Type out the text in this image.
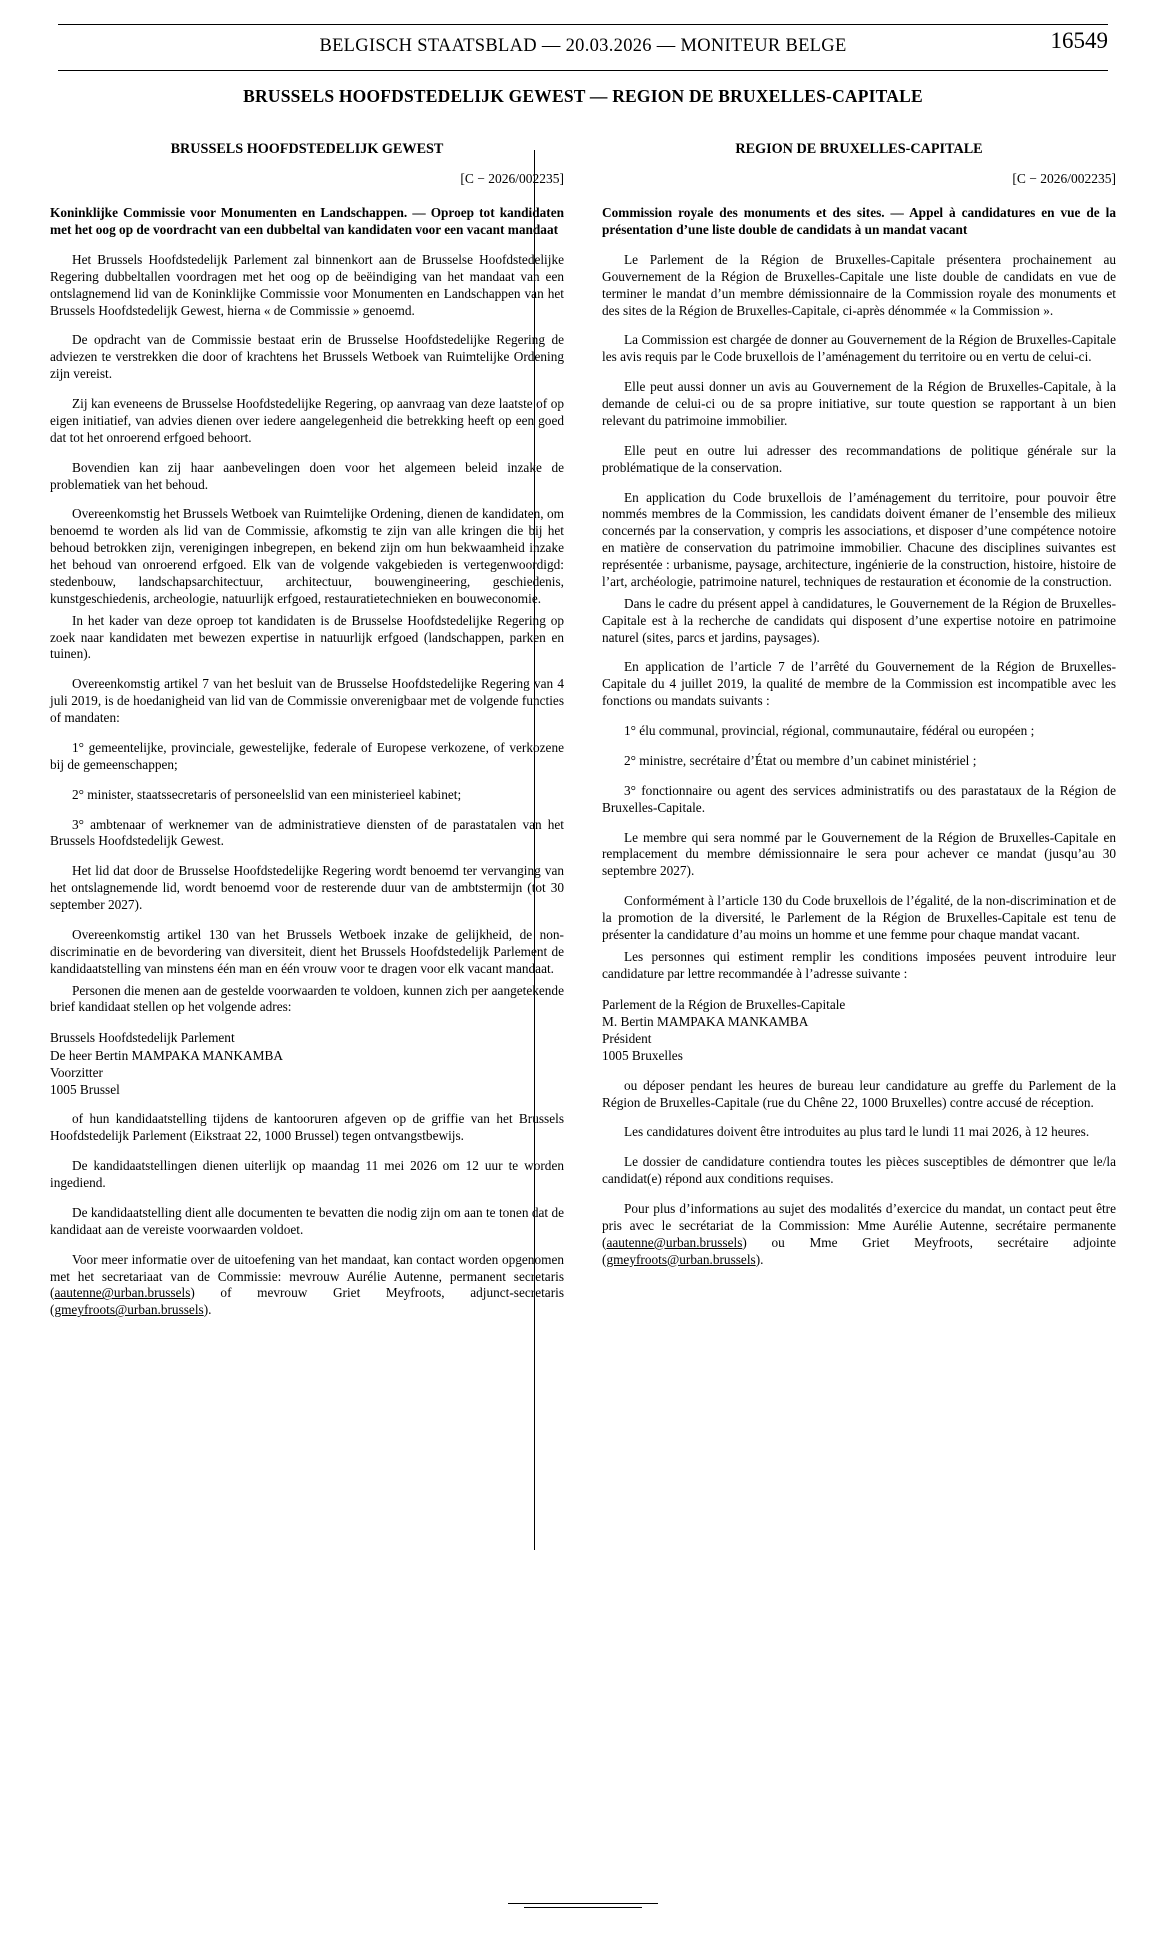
BELGISCH STAATSBLAD — 20.03.2026 — MONITEUR BELGE	16549
BRUSSELS HOOFDSTEDELIJK GEWEST — REGION DE BRUXELLES-CAPITALE
BRUSSELS HOOFDSTEDELIJK GEWEST
[C − 2026/002235]
Koninklijke Commissie voor Monumenten en Landschappen. — Oproep tot kandidaten met het oog op de voordracht van een dubbeltal van kandidaten voor een vacant mandaat

Het Brussels Hoofdstedelijk Parlement zal binnenkort aan de Brusselse Hoofdstedelijke Regering dubbeltallen voordragen met het oog op de beëindiging van het mandaat van een ontslagnemend lid van de Koninklijke Commissie voor Monumenten en Landschappen van het Brussels Hoofdstedelijk Gewest, hierna « de Commissie » genoemd.

De opdracht van de Commissie bestaat erin de Brusselse Hoofdstedelijke Regering de adviezen te verstrekken die door of krachtens het Brussels Wetboek van Ruimtelijke Ordening zijn vereist.

Zij kan eveneens de Brusselse Hoofdstedelijke Regering, op aanvraag van deze laatste of op eigen initiatief, van advies dienen over iedere aangelegenheid die betrekking heeft op een goed dat tot het onroerend erfgoed behoort.

Bovendien kan zij haar aanbevelingen doen voor het algemeen beleid inzake de problematiek van het behoud.

Overeenkomstig het Brussels Wetboek van Ruimtelijke Ordening, dienen de kandidaten, om benoemd te worden als lid van de Commissie, afkomstig te zijn van alle kringen die bij het behoud betrokken zijn, verenigingen inbegrepen, en bekend zijn om hun bekwaamheid inzake het behoud van onroerend erfgoed. Elk van de volgende vakgebieden is vertegenwoordigd: stedenbouw, landschapsarchitectuur, architectuur, bouwengineering, geschiedenis, kunstgeschiedenis, archeologie, natuurlijk erfgoed, restauratietechnieken en bouweconomie.

In het kader van deze oproep tot kandidaten is de Brusselse Hoofdstedelijke Regering op zoek naar kandidaten met bewezen expertise in natuurlijk erfgoed (landschappen, parken en tuinen).

Overeenkomstig artikel 7 van het besluit van de Brusselse Hoofdstedelijke Regering van 4 juli 2019, is de hoedanigheid van lid van de Commissie onverenigbaar met de volgende functies of mandaten:

1° gemeentelijke, provinciale, gewestelijke, federale of Europese verkozene, of verkozene bij de gemeenschappen;

2° minister, staatssecretaris of personeelslid van een ministerieel kabinet;

3° ambtenaar of werknemer van de administratieve diensten of de parastatalen van het Brussels Hoofdstedelijk Gewest.

Het lid dat door de Brusselse Hoofdstedelijke Regering wordt benoemd ter vervanging van het ontslagnemende lid, wordt benoemd voor de resterende duur van de ambtstermijn (tot 30 september 2027).

Overeenkomstig artikel 130 van het Brussels Wetboek inzake de gelijkheid, de non-discriminatie en de bevordering van diversiteit, dient het Brussels Hoofdstedelijk Parlement de kandidaatstelling van minstens één man en één vrouw voor te dragen voor elk vacant mandaat.

Personen die menen aan de gestelde voorwaarden te voldoen, kunnen zich per aangetekende brief kandidaat stellen op het volgende adres:

Brussels Hoofdstedelijk Parlement

De heer Bertin MAMPAKA MANKAMBA

Voorzitter

1005 Brussel

of hun kandidaatstelling tijdens de kantooruren afgeven op de griffie van het Brussels Hoofdstedelijk Parlement (Eikstraat 22, 1000 Brussel) tegen ontvangstbewijs.

De kandidaatstellingen dienen uiterlijk op maandag 11 mei 2026 om 12 uur te worden ingediend.

De kandidaatstelling dient alle documenten te bevatten die nodig zijn om aan te tonen dat de kandidaat aan de vereiste voorwaarden voldoet.

Voor meer informatie over de uitoefening van het mandaat, kan contact worden opgenomen met het secretariaat van de Commissie: mevrouw Aurélie Autenne, permanent secretaris (aautenne@urban.brussels) of mevrouw Griet Meyfroots, adjunct-secretaris (gmeyfroots@urban.brussels).

REGION DE BRUXELLES-CAPITALE
[C − 2026/002235]
Commission royale des monuments et des sites. — Appel à candidatures en vue de la présentation d’une liste double de candidats à un mandat vacant

Le Parlement de la Région de Bruxelles-Capitale présentera prochainement au Gouvernement de la Région de Bruxelles-Capitale une liste double de candidats en vue de terminer le mandat d’un membre démissionnaire de la Commission royale des monuments et des sites de la Région de Bruxelles-Capitale, ci-après dénommée « la Commission ».

La Commission est chargée de donner au Gouvernement de la Région de Bruxelles-Capitale les avis requis par le Code bruxellois de l’aménagement du territoire ou en vertu de celui-ci.

Elle peut aussi donner un avis au Gouvernement de la Région de Bruxelles-Capitale, à la demande de celui-ci ou de sa propre initiative, sur toute question se rapportant à un bien relevant du patrimoine immobilier.

Elle peut en outre lui adresser des recommandations de politique générale sur la problématique de la conservation.

En application du Code bruxellois de l’aménagement du territoire, pour pouvoir être nommés membres de la Commission, les candidats doivent émaner de l’ensemble des milieux concernés par la conservation, y compris les associations, et disposer d’une compétence notoire en matière de conservation du patrimoine immobilier. Chacune des disciplines suivantes est représentée : urbanisme, paysage, architecture, ingénierie de la construction, histoire, histoire de l’art, archéologie, patrimoine naturel, techniques de restauration et économie de la construction.

Dans le cadre du présent appel à candidatures, le Gouvernement de la Région de Bruxelles-Capitale est à la recherche de candidats qui disposent d’une expertise notoire en patrimoine naturel (sites, parcs et jardins, paysages).

En application de l’article 7 de l’arrêté du Gouvernement de la Région de Bruxelles-Capitale du 4 juillet 2019, la qualité de membre de la Commission est incompatible avec les fonctions ou mandats suivants :

1° élu communal, provincial, régional, communautaire, fédéral ou européen ;

2° ministre, secrétaire d’État ou membre d’un cabinet ministériel ;

3° fonctionnaire ou agent des services administratifs ou des parastataux de la Région de Bruxelles-Capitale.

Le membre qui sera nommé par le Gouvernement de la Région de Bruxelles-Capitale en remplacement du membre démissionnaire le sera pour achever ce mandat (jusqu’au 30 septembre 2027).

Conformément à l’article 130 du Code bruxellois de l’égalité, de la non-discrimination et de la promotion de la diversité, le Parlement de la Région de Bruxelles-Capitale est tenu de présenter la candidature d’au moins un homme et une femme pour chaque mandat vacant.

Les personnes qui estiment remplir les conditions imposées peuvent introduire leur candidature par lettre recommandée à l’adresse suivante :

Parlement de la Région de Bruxelles-Capitale

M. Bertin MAMPAKA MANKAMBA

Président

1005 Bruxelles

ou déposer pendant les heures de bureau leur candidature au greffe du Parlement de la Région de Bruxelles-Capitale (rue du Chêne 22, 1000 Bruxelles) contre accusé de réception.

Les candidatures doivent être introduites au plus tard le lundi 11 mai 2026, à 12 heures.

Le dossier de candidature contiendra toutes les pièces susceptibles de démontrer que le/la candidat(e) répond aux conditions requises.

Pour plus d’informations au sujet des modalités d’exercice du mandat, un contact peut être pris avec le secrétariat de la Commission: Mme Aurélie Autenne, secrétaire permanente (aautenne@urban.brussels) ou Mme Griet Meyfroots, secrétaire adjointe (gmeyfroots@urban.brussels).
